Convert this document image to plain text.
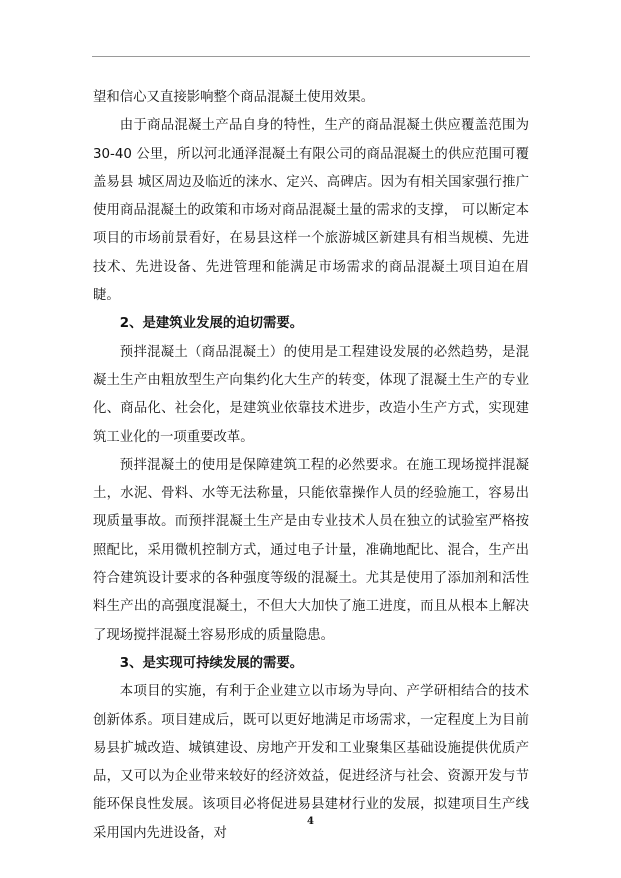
望和信心又直接影响整个商品混凝土使用效果。

由于商品混凝土产品自身的特性，生产的商品混凝土供应覆盖范围为 30-40 公里，所以河北通泽混凝土有限公司的商品混凝土的供应范围可覆盖易县 城区周边及临近的涞水、定兴、高碑店。因为有相关国家强行推广使用商品混凝土的政策和市场对商品混凝土量的需求的支撑， 可以断定本项目的市场前景看好，在易县这样一个旅游城区新建具有相当规模、先进技术、先进设备、先进管理和能满足市场需求的商品混凝土项目迫在眉睫。

2、是建筑业发展的迫切需要。

预拌混凝土（商品混凝土）的使用是工程建设发展的必然趋势，是混凝土生产由粗放型生产向集约化大生产的转变，体现了混凝土生产的专业化、商品化、社会化，是建筑业依靠技术进步，改造小生产方式，实现建筑工业化的一项重要改革。

预拌混凝土的使用是保障建筑工程的必然要求。在施工现场搅拌混凝土，水泥、骨料、水等无法称量，只能依靠操作人员的经验施工，容易出现质量事故。而预拌混凝土生产是由专业技术人员在独立的试验室严格按照配比，采用微机控制方式，通过电子计量，准确地配比、混合，生产出符合建筑设计要求的各种强度等级的混凝土。尤其是使用了添加剂和活性料生产出的高强度混凝土，不但大大加快了施工进度，而且从根本上解决了现场搅拌混凝土容易形成的质量隐患。

3、是实现可持续发展的需要。

本项目的实施，有利于企业建立以市场为导向、产学研相结合的技术创新体系。项目建成后，既可以更好地满足市场需求，一定程度上为目前易县扩城改造、城镇建设、房地产开发和工业聚集区基础设施提供优质产品，又可以为企业带来较好的经济效益，促进经济与社会、资源开发与节能环保良性发展。该项目必将促进易县建材行业的发展，拟建项目生产线采用国内先进设备，对

4
